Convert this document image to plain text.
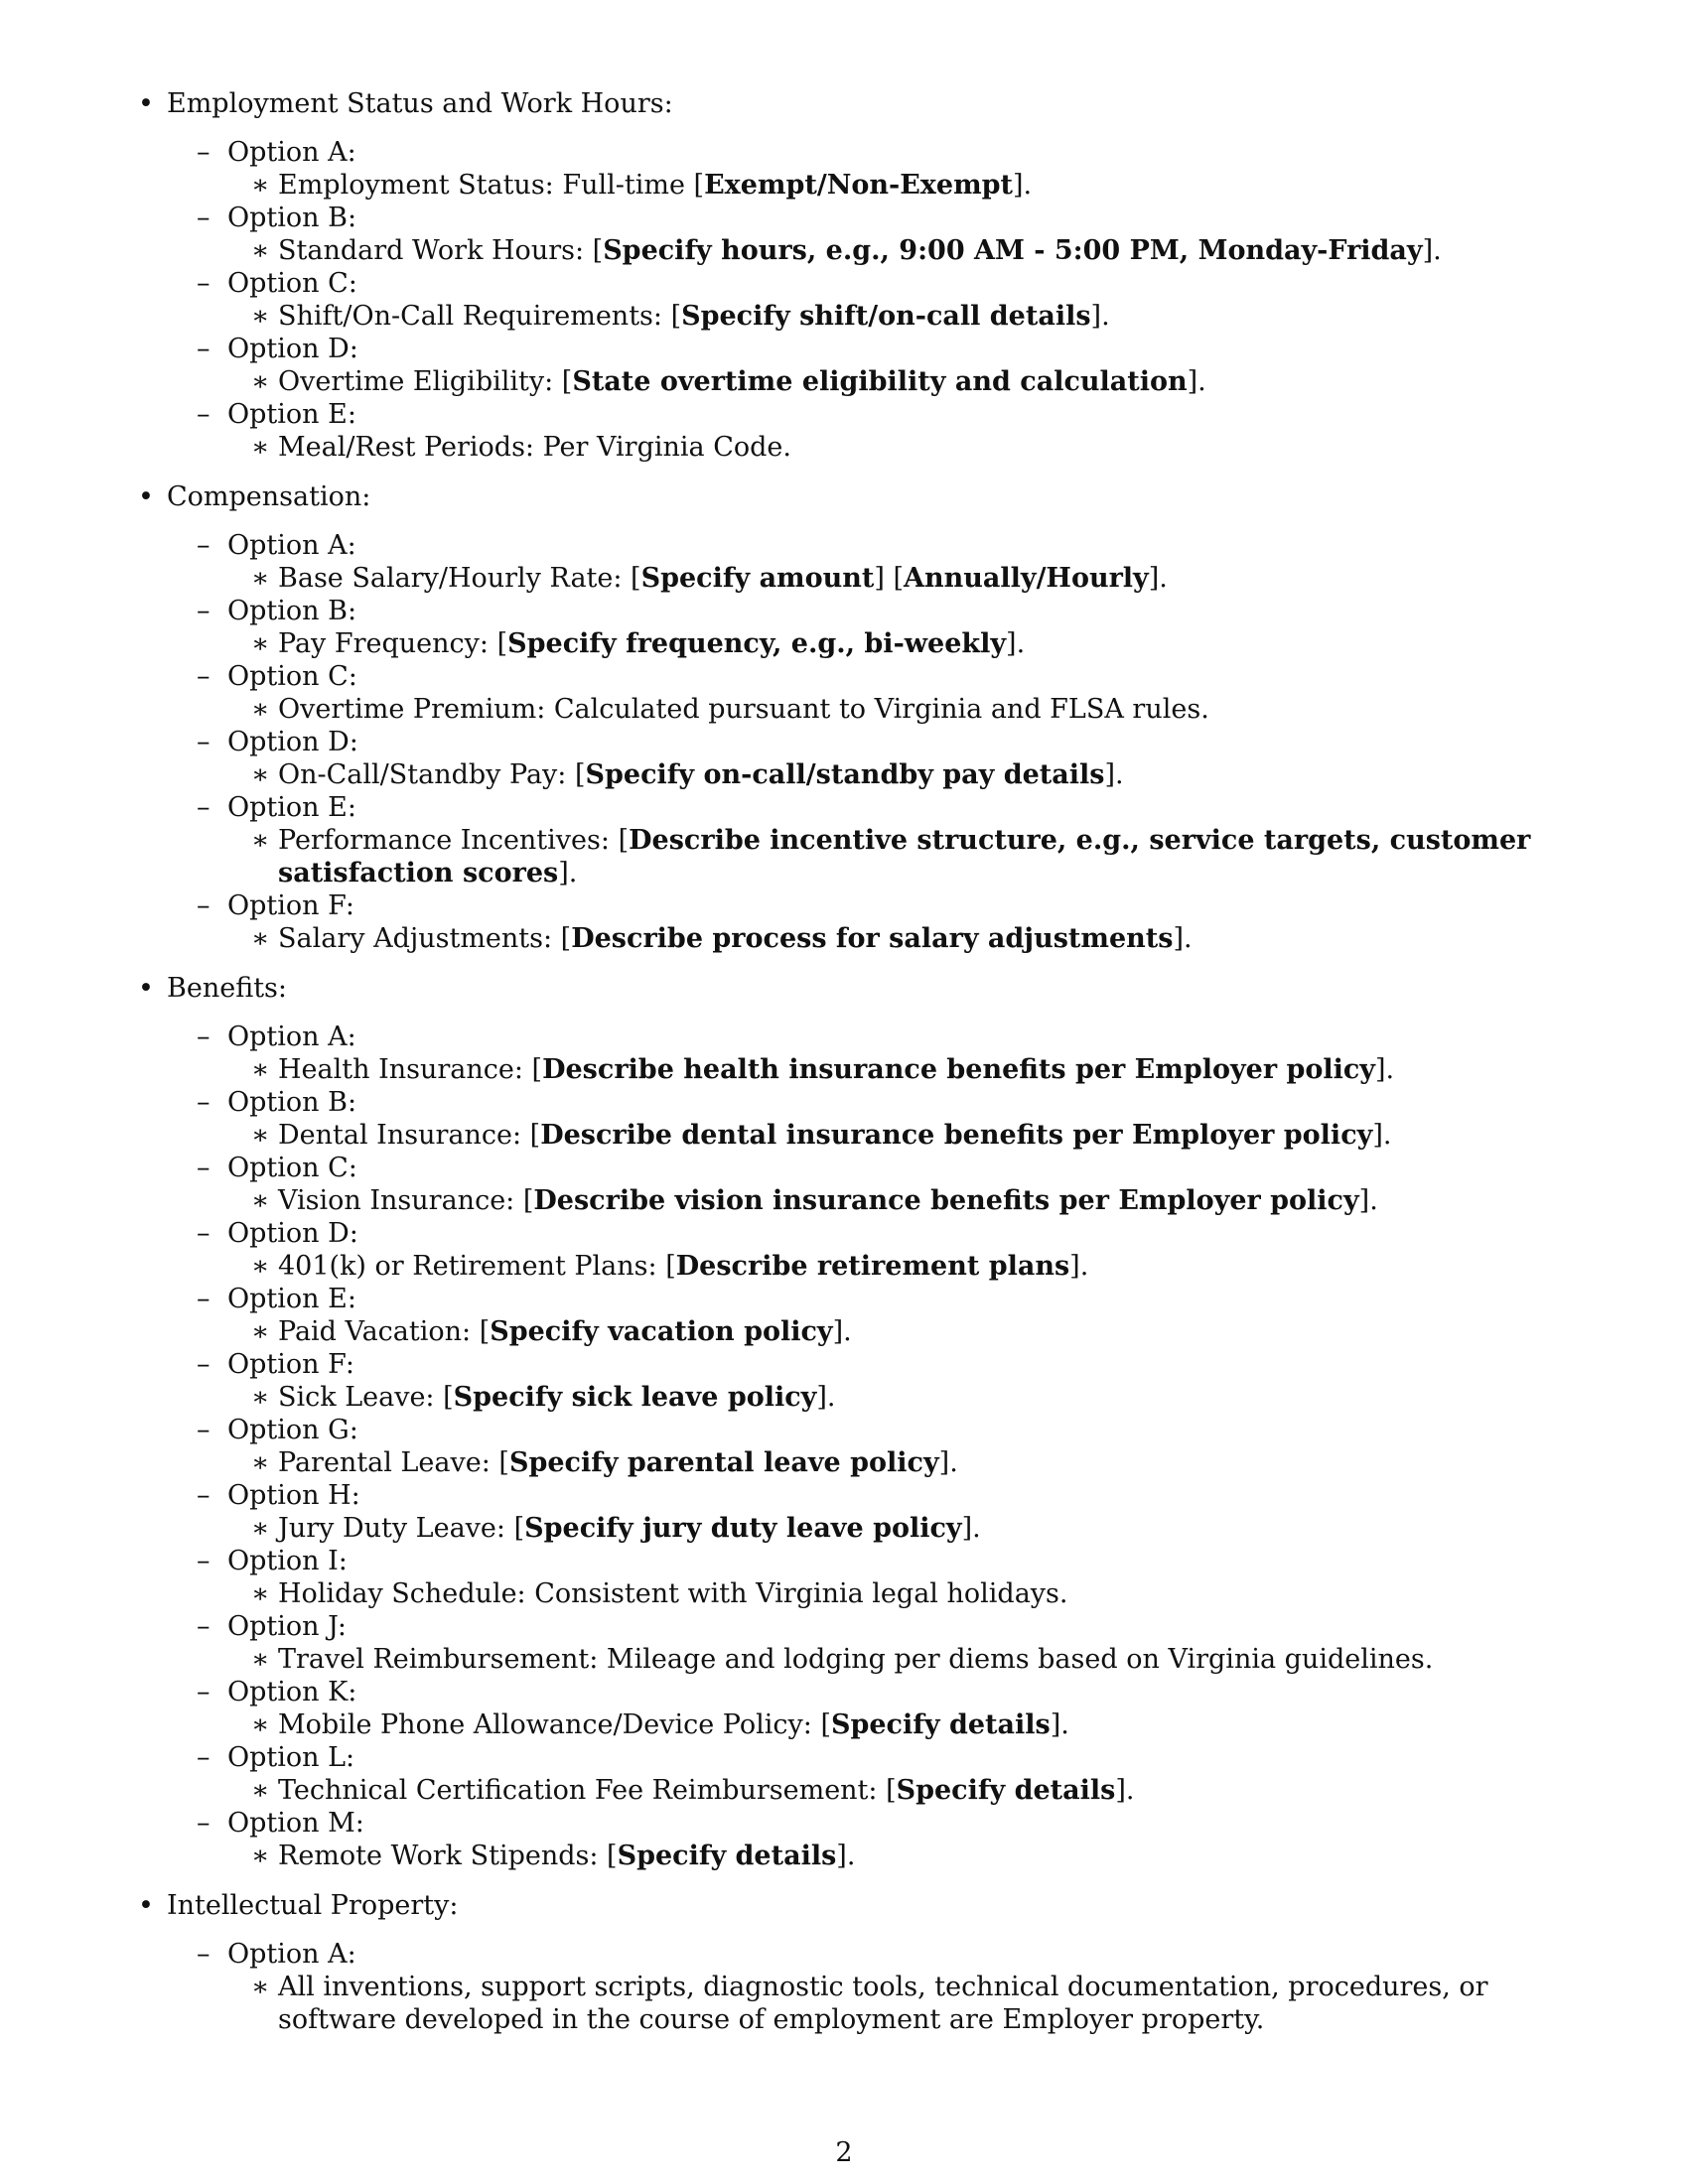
• Employment Status and Work Hours:
– Option A:
∗ Employment Status: Full-time [Exempt/Non-Exempt].
– Option B:
∗ Standard Work Hours: [Specify hours, e.g., 9:00 AM - 5:00 PM, Monday-Friday].
– Option C:
∗ Shift/On-Call Requirements: [Specify shift/on-call details].
– Option D:
∗ Overtime Eligibility: [State overtime eligibility and calculation].
– Option E:
∗ Meal/Rest Periods: Per Virginia Code.
• Compensation:
– Option A:
∗ Base Salary/Hourly Rate: [Specify amount] [Annually/Hourly].
– Option B:
∗ Pay Frequency: [Specify frequency, e.g., bi-weekly].
– Option C:
∗ Overtime Premium: Calculated pursuant to Virginia and FLSA rules.
– Option D:
∗ On-Call/Standby Pay: [Specify on-call/standby pay details].
– Option E:
∗ Performance Incentives: [Describe incentive structure, e.g., service targets, customer satisfaction scores].
– Option F:
∗ Salary Adjustments: [Describe process for salary adjustments].
• Benefits:
– Option A:
∗ Health Insurance: [Describe health insurance benefits per Employer policy].
– Option B:
∗ Dental Insurance: [Describe dental insurance benefits per Employer policy].
– Option C:
∗ Vision Insurance: [Describe vision insurance benefits per Employer policy].
– Option D:
∗ 401(k) or Retirement Plans: [Describe retirement plans].
– Option E:
∗ Paid Vacation: [Specify vacation policy].
– Option F:
∗ Sick Leave: [Specify sick leave policy].
– Option G:
∗ Parental Leave: [Specify parental leave policy].
– Option H:
∗ Jury Duty Leave: [Specify jury duty leave policy].
– Option I:
∗ Holiday Schedule: Consistent with Virginia legal holidays.
– Option J:
∗ Travel Reimbursement: Mileage and lodging per diems based on Virginia guidelines.
– Option K:
∗ Mobile Phone Allowance/Device Policy: [Specify details].
– Option L:
∗ Technical Certification Fee Reimbursement: [Specify details].
– Option M:
∗ Remote Work Stipends: [Specify details].
• Intellectual Property:
– Option A:
∗ All inventions, support scripts, diagnostic tools, technical documentation, procedures, or software developed in the course of employment are Employer property.
2
